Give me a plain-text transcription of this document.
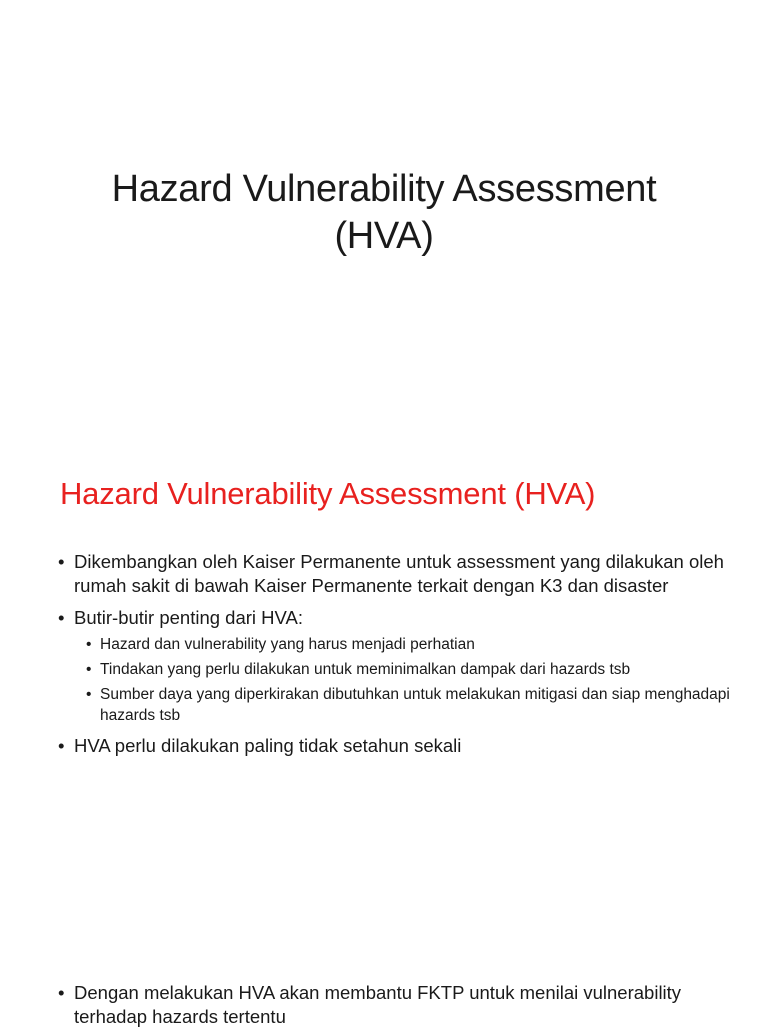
Hazard Vulnerability Assessment (HVA)
Hazard Vulnerability Assessment (HVA)
• Dikembangkan oleh Kaiser Permanente untuk assessment yang dilakukan oleh rumah sakit di bawah Kaiser Permanente terkait dengan K3 dan disaster
• Butir-butir penting dari HVA:
• Hazard dan vulnerability yang harus menjadi perhatian
• Tindakan yang perlu dilakukan untuk meminimalkan dampak dari hazards tsb
• Sumber daya yang diperkirakan dibutuhkan untuk melakukan mitigasi dan siap menghadapi hazards tsb
• HVA perlu dilakukan paling tidak setahun sekali
• Dengan melakukan HVA akan membantu FKTP untuk menilai vulnerability terhadap hazards tertentu
